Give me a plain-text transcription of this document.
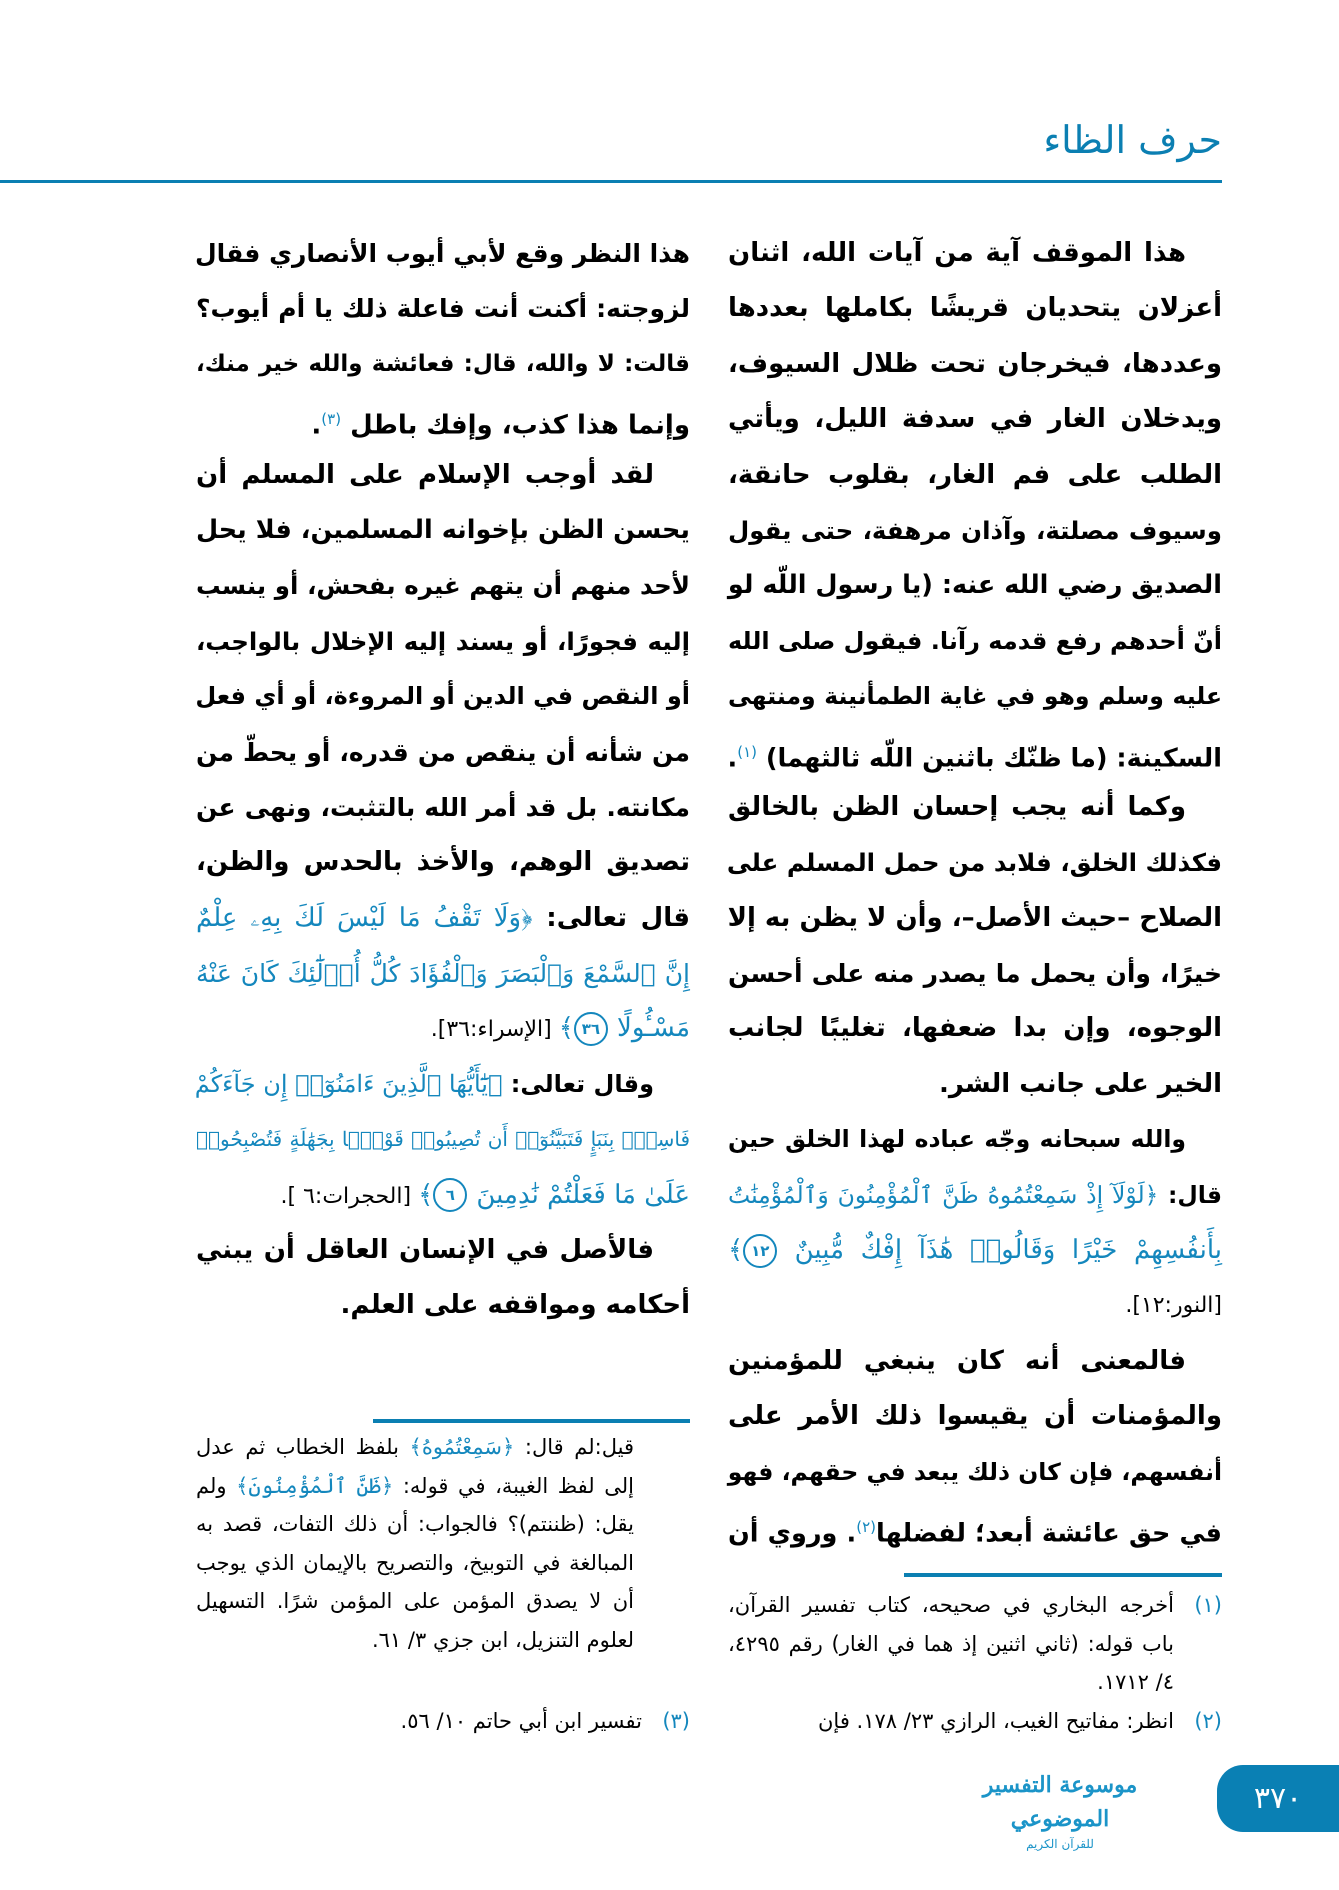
حرف الظاء
هذا الموقف آية من آيات الله، اثنان
أعزلان يتحديان قريشًا بكاملها بعددها
وعددها، فيخرجان تحت ظلال السيوف،
ويدخلان الغار في سدفة الليل، ويأتي
الطلب على فم الغار، بقلوب حانقة،
وسيوف مصلتة، وآذان مرهفة، حتى يقول
الصديق رضي الله عنه: (يا رسول اللّه لو
أنّ أحدهم رفع قدمه رآنا. فيقول صلى الله
عليه وسلم وهو في غاية الطمأنينة ومنتهى
السكينة: (ما ظنّك باثنين اللّه ثالثهما) $^{(١)}$.
وكما أنه يجب إحسان الظن بالخالق
فكذلك الخلق، فلابد من حمل المسلم على
الصلاح –حيث الأصل–، وأن لا يظن به إلا
خيرًا، وأن يحمل ما يصدر منه على أحسن
الوجوه، وإن بدا ضعفها، تغليبًا لجانب
الخير على جانب الشر.
والله سبحانه وجّه عباده لهذا الخلق حين
قال: ﴿لَوْلَآ إِذْ سَمِعْتُمُوهُ ظَنَّ ٱلْمُؤْمِنُونَ وَٱلْمُؤْمِنَٰتُ
بِأَنفُسِهِمْ خَيْرًا وَقَالُوا۟ هَٰذَآ إِفْكٌ مُّبِينٌ ١٢﴾
[النور:١٢].
فالمعنى أنه كان ينبغي للمؤمنين
والمؤمنات أن يقيسوا ذلك الأمر على
أنفسهم، فإن كان ذلك يبعد في حقهم، فهو
في حق عائشة أبعد؛ لفضلها$^{(٢)}$. وروي أن
هذا النظر وقع لأبي أيوب الأنصاري فقال
لزوجته: أكنت أنت فاعلة ذلك يا أم أيوب؟
قالت: لا والله، قال: فعائشة والله خير منك،
وإنما هذا كذب، وإفك باطل $^{(٣)}$.
لقد أوجب الإسلام على المسلم أن
يحسن الظن بإخوانه المسلمين، فلا يحل
لأحد منهم أن يتهم غيره بفحش، أو ينسب
إليه فجورًا، أو يسند إليه الإخلال بالواجب،
أو النقص في الدين أو المروءة، أو أي فعل
من شأنه أن ينقص من قدره، أو يحطّ من
مكانته. بل قد أمر الله بالتثبت، ونهى عن
تصديق الوهم، والأخذ بالحدس والظن،
قال تعالى: ﴿وَلَا تَقْفُ مَا لَيْسَ لَكَ بِهِۦ عِلْمٌ
إِنَّ ٱلسَّمْعَ وَٱلْبَصَرَ وَٱلْفُؤَادَ كُلُّ أُو۟لَٰٓئِكَ كَانَ عَنْهُ
مَسْـُٔولًا ٣٦﴾ [الإسراء:٣٦].
وقال تعالى: ﴿يَٰٓأَيُّهَا ٱلَّذِينَ ءَامَنُوٓا۟ إِن جَآءَكُمْ
فَاسِقٌۢ بِنَبَإٍ فَتَبَيَّنُوٓا۟ أَن تُصِيبُوا۟ قَوْمًۢا بِجَهَٰلَةٍ فَتُصْبِحُوا۟
عَلَىٰ مَا فَعَلْتُمْ نَٰدِمِينَ ٦﴾ [الحجرات:٦ ].
فالأصل في الإنسان العاقل أن يبني
أحكامه ومواقفه على العلم.
(١)
أخرجه البخاري في صحيحه، كتاب تفسير القرآن، باب قوله: (ثاني اثنين إذ هما في الغار) رقم ٤٢٩٥، ٤/ ١٧١٢.
(٢)
انظر: مفاتيح الغيب، الرازي ٢٣/ ١٧٨. فإن
قيل:لم قال: ﴿سَمِعْتُمُوهُ﴾ بلفظ الخطاب ثم عدل إلى لفظ الغيبة، في قوله: ﴿ظَنَّ ٱلْمُؤْمِنُونَ﴾ ولم يقل: (ظننتم)؟ فالجواب: أن ذلك التفات، قصد به المبالغة في التوبيخ، والتصريح بالإيمان الذي يوجب أن لا يصدق المؤمن على المؤمن شرًا. التسهيل لعلوم التنزيل، ابن جزي ٣/ ٦١.
(٣)
تفسير ابن أبي حاتم ١٠/ ٥٦.
موسوعة التفسير الموضوعي
للقرآن الكريم
٣٧٠
